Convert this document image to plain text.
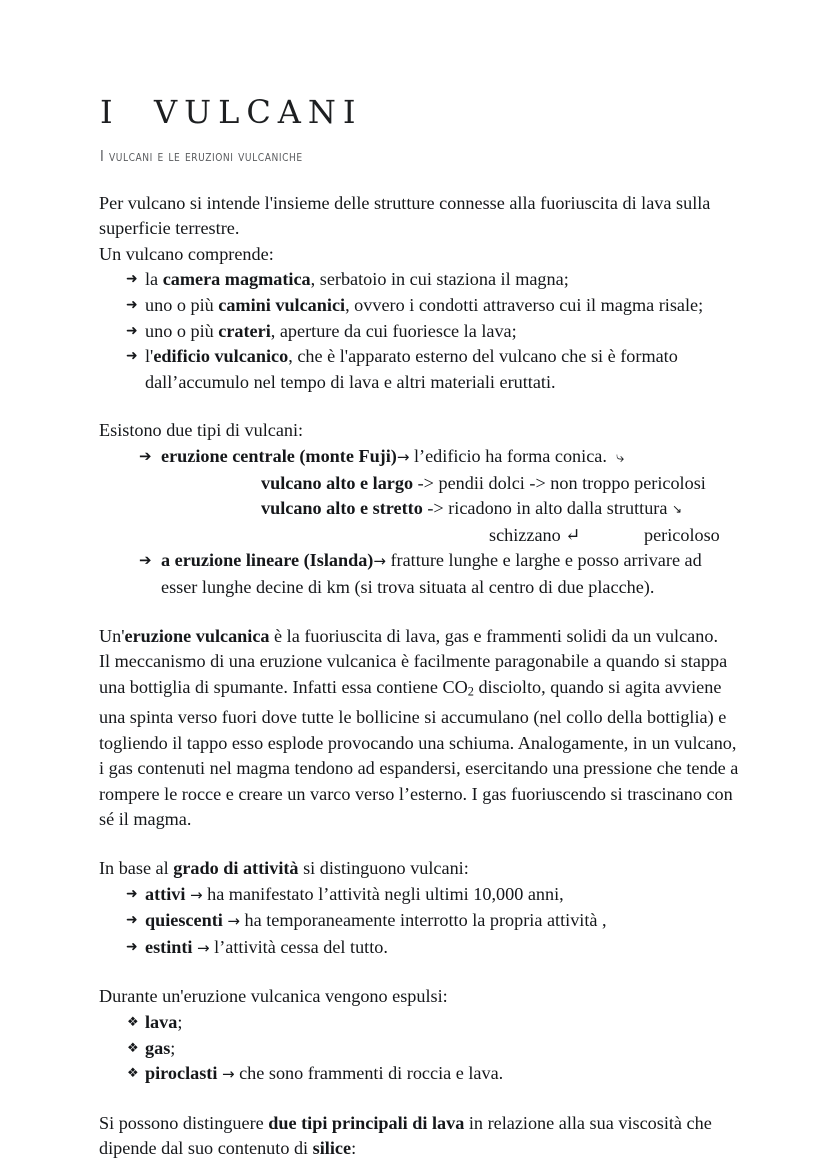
I  VULCANI
I vulcani e le eruzioni vulcaniche

Per vulcano si intende l'insieme delle strutture connesse alla fuoriuscita di lava sulla superficie terrestre.

Un vulcano comprende:

➜ la camera magmatica, serbatoio in cui staziona il magna;
➜ uno o più camini vulcanici, ovvero i condotti attraverso cui il magma risale;
➜ uno o più crateri, aperture da cui fuoriesce la lava;
➜ l'edificio vulcanico, che è l'apparato esterno del vulcano che si è formato dall’accumulo nel tempo di lava e altri materiali eruttati.

Esistono due tipi di vulcani:

➔ eruzione centrale (monte Fuji)→ l’edificio ha forma conica. ⤷
vulcano alto e largo -> pendii dolci -> non troppo pericolosi
vulcano alto e stretto -> ricadono in alto dalla struttura ↘
schizzano ↵	pericoloso
➔ a eruzione lineare (Islanda)→ fratture lunghe e larghe e posso arrivare ad esser lunghe decine di km (si trova situata al centro di due placche).

Un'eruzione vulcanica è la fuoriuscita di lava, gas e frammenti solidi da un vulcano.

Il meccanismo di una eruzione vulcanica è facilmente paragonabile a quando si stappa una bottiglia di spumante. Infatti essa contiene $CO_2$ disciolto, quando si agita avviene una spinta verso fuori dove tutte le bollicine si accumulano (nel collo della bottiglia) e togliendo il tappo esso esplode provocando una schiuma. Analogamente, in un vulcano, i gas contenuti nel magma tendono ad espandersi, esercitando una pressione che tende a rompere le rocce e creare un varco verso l’esterno. I gas fuoriuscendo si trascinano con sé il magma.

In base al grado di attività si distinguono vulcani:

➜ attivi → ha manifestato l’attività negli ultimi 10,000 anni,
➜ quiescenti → ha temporaneamente interrotto la propria attività ,
➜ estinti → l’attività cessa del tutto.

Durante un'eruzione vulcanica vengono espulsi:

❖ lava;
❖ gas;
❖ piroclasti → che sono frammenti di roccia e lava.

Si possono distinguere due tipi principali di lava in relazione alla sua viscosità che dipende dal suo contenuto di silice:
